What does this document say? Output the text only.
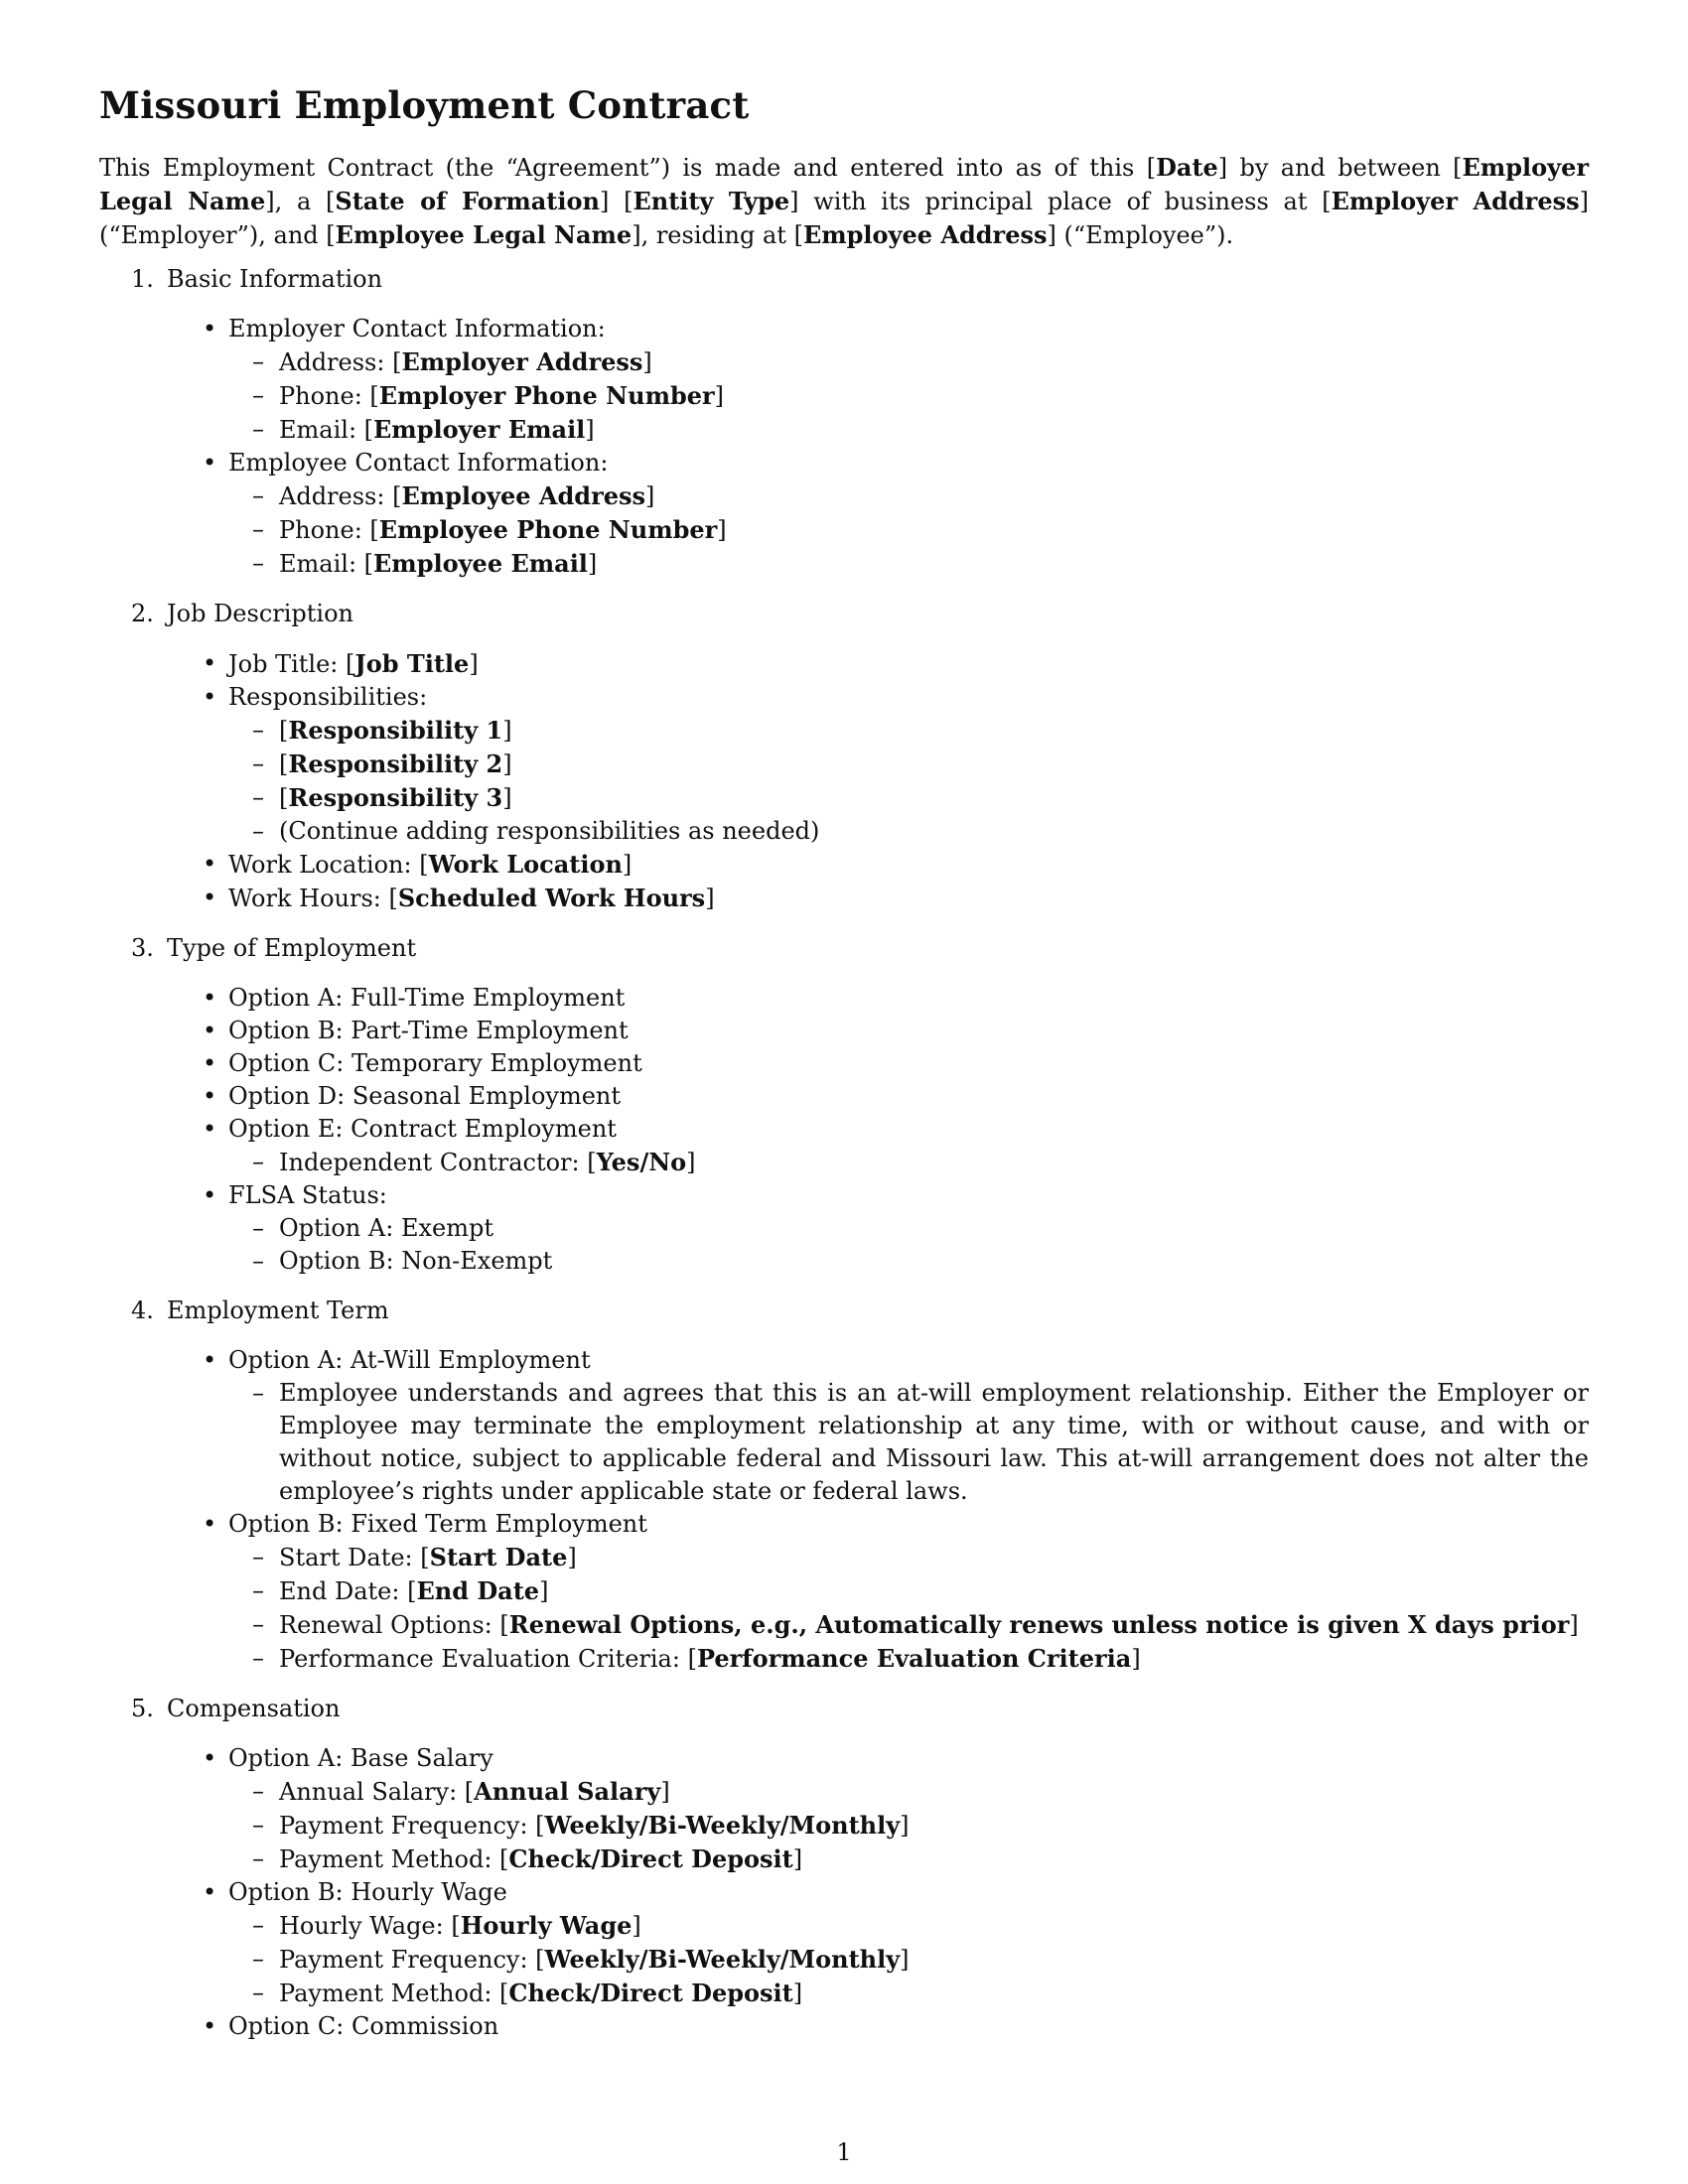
Missouri Employment Contract

This Employment Contract (the “Agreement”) is made and entered into as of this [Date] by and between [Employer Legal Name], a [State of Formation] [Entity Type] with its principal place of business at [Employer Address] (“Employer”), and [Employee Legal Name], residing at [Employee Address] (“Employee”).

1. Basic Information
• Employer Contact Information:
– Address: [Employer Address]
– Phone: [Employer Phone Number]
– Email: [Employer Email]
• Employee Contact Information:
– Address: [Employee Address]
– Phone: [Employee Phone Number]
– Email: [Employee Email]
2. Job Description
• Job Title: [Job Title]
• Responsibilities:
– [Responsibility 1]
– [Responsibility 2]
– [Responsibility 3]
– (Continue adding responsibilities as needed)
• Work Location: [Work Location]
• Work Hours: [Scheduled Work Hours]
3. Type of Employment
• Option A: Full-Time Employment
• Option B: Part-Time Employment
• Option C: Temporary Employment
• Option D: Seasonal Employment
• Option E: Contract Employment
– Independent Contractor: [Yes/No]
• FLSA Status:
– Option A: Exempt
– Option B: Non-Exempt
4. Employment Term
• Option A: At-Will Employment
– Employee understands and agrees that this is an at-will employment relationship. Either the Employer or Employee may terminate the employment relationship at any time, with or without cause, and with or without notice, subject to applicable federal and Missouri law. This at-will arrangement does not alter the employee’s rights under applicable state or federal laws.
• Option B: Fixed Term Employment
– Start Date: [Start Date]
– End Date: [End Date]
– Renewal Options: [Renewal Options, e.g., Automatically renews unless notice is given X days prior]
– Performance Evaluation Criteria: [Performance Evaluation Criteria]
5. Compensation
• Option A: Base Salary
– Annual Salary: [Annual Salary]
– Payment Frequency: [Weekly/Bi-Weekly/Monthly]
– Payment Method: [Check/Direct Deposit]
• Option B: Hourly Wage
– Hourly Wage: [Hourly Wage]
– Payment Frequency: [Weekly/Bi-Weekly/Monthly]
– Payment Method: [Check/Direct Deposit]
• Option C: Commission
1
